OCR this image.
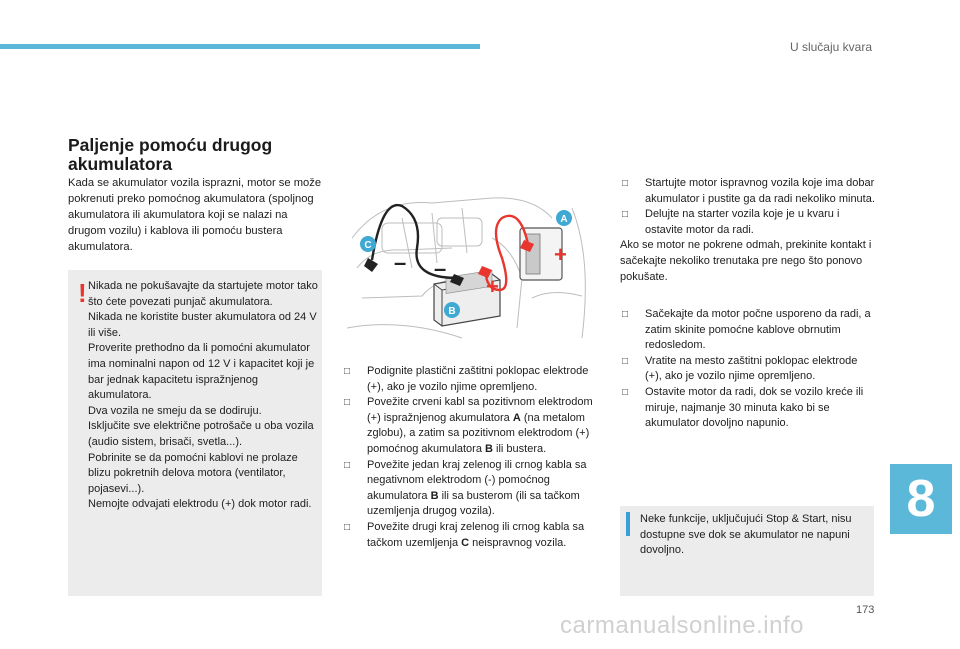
U slučaju kvara
Paljenje pomoću drugog akumulatora
Kada se akumulator vozila isprazni, motor se može pokrenuti preko pomoćnog akumulatora (spoljnog akumulatora ili akumulatora koji se nalazi na drugom vozilu) i kablova ili pomoću bustera akumulatora.
! Nikada ne pokušavajte da startujete motor tako što ćete povezati punjač akumulatora.

Nikada ne koristite buster akumulatora od 24 V ili više.

Proverite prethodno da li pomoćni akumulator ima nominalni napon od 12 V i kapacitet koji je bar jednak kapacitetu ispražnjenog akumulatora.

Dva vozila ne smeju da se dodiruju.

Isključite sve električne potrošače u oba vozila (audio sistem, brisači, svetla...).

Pobrinite se da pomoćni kablovi ne prolaze blizu pokretnih delova motora (ventilator, pojasevi...).

Nemojte odvajati elektrodu (+) dok motor radi.

– –
+
+
A
B
C

□ Podignite plastični zaštitni poklopac elektrode (+), ako je vozilo njime opremljeno.

□ Povežite crveni kabl sa pozitivnom elektrodom (+) ispražnjenog akumulatora A (na metalom zglobu), a zatim sa pozitivnom elektrodom (+) pomoćnog akumulatora B ili bustera.

□ Povežite jedan kraj zelenog ili crnog kabla sa negativnom elektrodom (-) pomoćnog akumulatora B ili sa busterom (ili sa tačkom uzemljenja drugog vozila).

□ Povežite drugi kraj zelenog ili crnog kabla sa tačkom uzemljenja C neispravnog vozila.

□ Startujte motor ispravnog vozila koje ima dobar akumulator i pustite ga da radi nekoliko minuta.

□ Delujte na starter vozila koje je u kvaru i ostavite motor da radi.

Ako se motor ne pokrene odmah, prekinite kontakt i sačekajte nekoliko trenutaka pre nego što ponovo pokušate.

□ Sačekajte da motor počne usporeno da radi, a zatim skinite pomoćne kablove obrnutim redosledom.

□ Vratite na mesto zaštitni poklopac elektrode (+), ako je vozilo njime opremljeno.

□ Ostavite motor da radi, dok se vozilo kreće ili miruje, najmanje 30 minuta kako bi se akumulator dovoljno napunio.

Neke funkcije, uključujući Stop & Start, nisu dostupne sve dok se akumulator ne napuni dovoljno.
8
173
carmanualsonline.info
